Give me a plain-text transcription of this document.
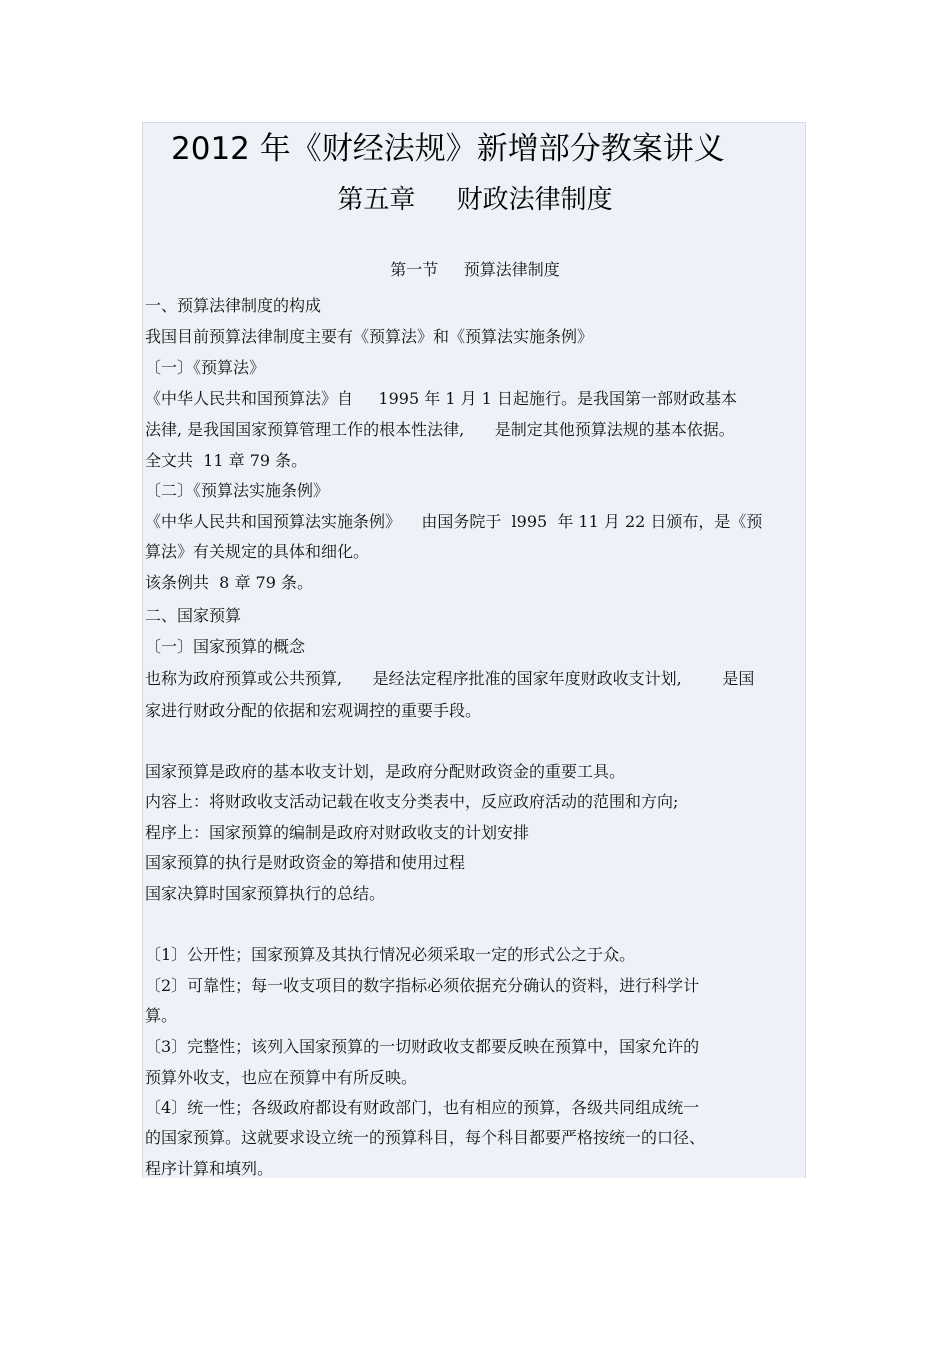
2012 年《财经法规》新增部分教案讲义
第五章     财政法律制度
第一节     预算法律制度

一、预算法律制度的构成

我国目前预算法律制度主要有《预算法》和《预算法实施条例》

〔一〕《预算法》

《中华人民共和国预算法》自     1995 年 1 月 1 日起施行。是我国第一部财政基本

法律, 是我国国家预算管理工作的根本性法律,      是制定其他预算法规的基本依据。

全文共  11 章 79 条。

〔二〕《预算法实施条例》

《中华人民共和国预算法实施条例》    由国务院于  l995  年 11 月 22 日颁布，是《预

算法》有关规定的具体和细化。

该条例共  8 章 79 条。

二、国家预算

〔一〕国家预算的概念

也称为政府预算或公共预算,      是经法定程序批准的国家年度财政收支计划,        是国

家进行财政分配的依据和宏观调控的重要手段。

国家预算是政府的基本收支计划，是政府分配财政资金的重要工具。

内容上：将财政收支活动记载在收支分类表中，反应政府活动的范围和方向;

程序上：国家预算的编制是政府对财政收支的计划安排

国家预算的执行是财政资金的筹措和使用过程

国家决算时国家预算执行的总结。

〔1〕公开性；国家预算及其执行情况必须采取一定的形式公之于众。

〔2〕可靠性；每一收支项目的数字指标必须依据充分确认的资料，进行科学计

算。

〔3〕完整性；该列入国家预算的一切财政收支都要反映在预算中，国家允许的

预算外收支，也应在预算中有所反映。

〔4〕统一性；各级政府都设有财政部门，也有相应的预算，各级共同组成统一

的国家预算。这就要求设立统一的预算科目，每个科目都要严格按统一的口径、

程序计算和填列。
